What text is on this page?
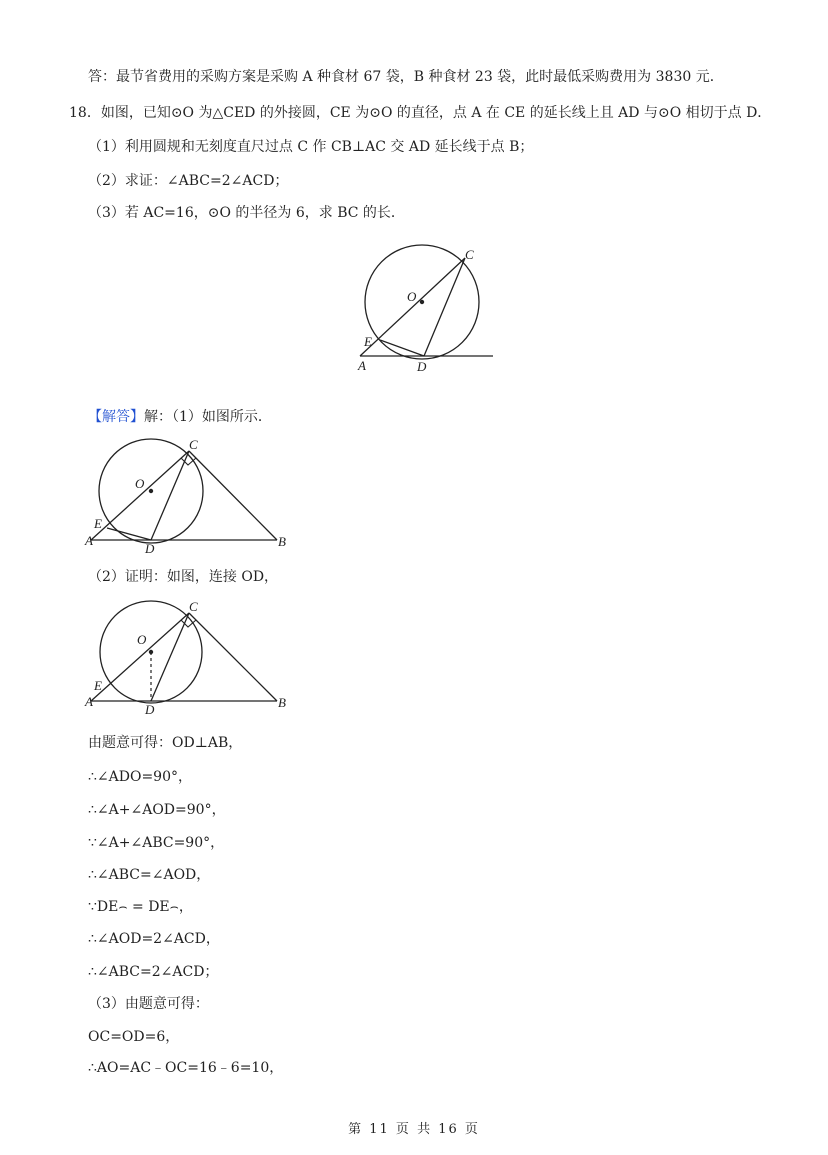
答：最节省费用的采购方案是采购 A 种食材 67 袋，B 种食材 23 袋，此时最低采购费用为 3830 元．
18．如图，已知⊙O 为△CED 的外接圆，CE 为⊙O 的直径，点 A 在 CE 的延长线上且 AD 与⊙O 相切于点 D．
（1）利用圆规和无刻度直尺过点 C 作 CB⊥AC 交 AD 延长线于点 B；
（2）求证：∠ABC=2∠ACD；
（3）若 AC=16，⊙O 的半径为 6，求 BC 的长．
O
C
E
A	D
【解答】解：（1）如图所示．
O
C
E
A
D	B
（2）证明：如图，连接 OD，
O
C
E
A
D	B
由题意可得：OD⊥AB，
∴∠ADO=90°，
∴∠A+∠AOD=90°，
∵∠A+∠ABC=90°，
∴∠ABC=∠AOD，
∵DE⌢ = DE⌢，
∴∠AOD=2∠ACD，
∴∠ABC=2∠ACD；
（3）由题意可得：
OC=OD=6，
∴AO=AC﹣OC=16﹣6=10，
第 11 页 共 16 页
